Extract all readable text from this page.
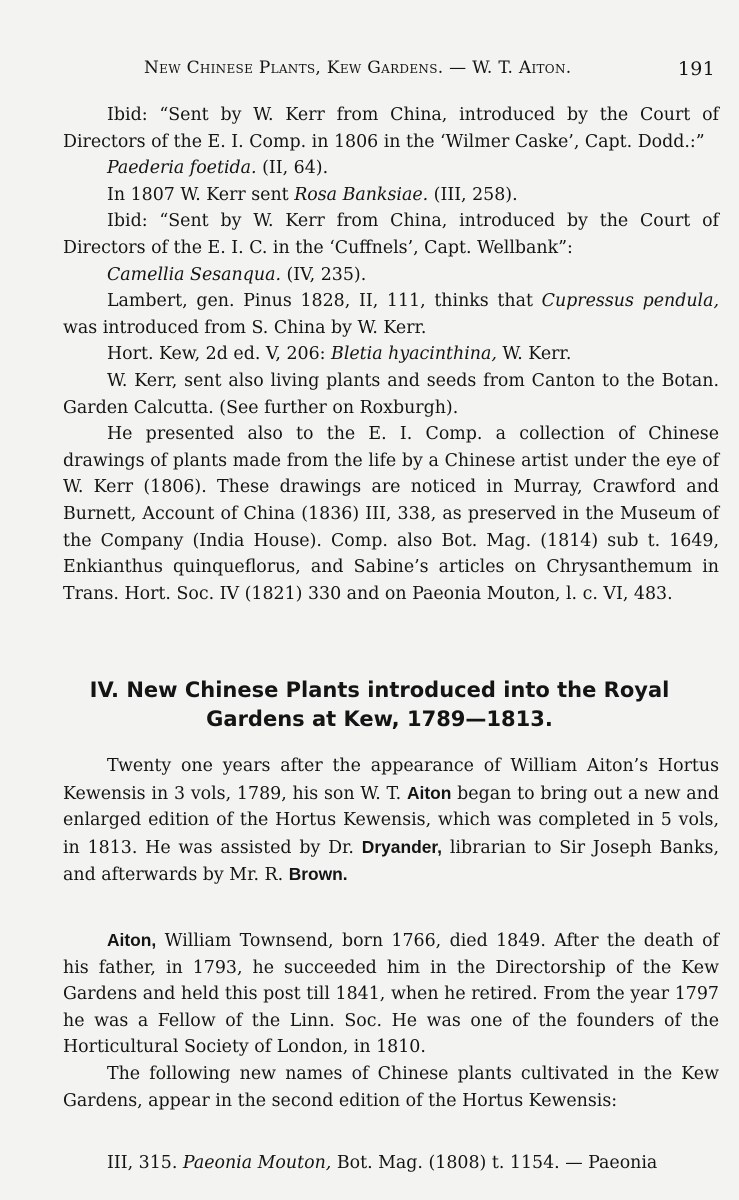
New Chinese Plants, Kew Gardens. — W. T. Aiton.	191

Ibid: “Sent by W. Kerr from China, introduced by the Court of Directors of the E. I. Comp. in 1806 in the ‘Wilmer Caske’, Capt. Dodd.:”

Paederia foetida. (II, 64).

In 1807 W. Kerr sent Rosa Banksiae. (III, 258).

Ibid: “Sent by W. Kerr from China, introduced by the Court of Directors of the E. I. C. in the ‘Cuffnels’, Capt. Wellbank”:

Camellia Sesanqua. (IV, 235).

Lambert, gen. Pinus 1828, II, 111, thinks that Cupressus pendula, was introduced from S. China by W. Kerr.

Hort. Kew, 2d ed. V, 206: Bletia hyacinthina, W. Kerr.

W. Kerr, sent also living plants and seeds from Canton to the Botan. Garden Calcutta. (See further on Roxburgh).

He presented also to the E. I. Comp. a collection of Chinese drawings of plants made from the life by a Chinese artist under the eye of W. Kerr (1806). These drawings are noticed in Murray, Crawford and Burnett, Account of China (1836) III, 338, as preserved in the Museum of the Company (India House). Comp. also Bot. Mag. (1814) sub t. 1649, Enkianthus quinqueflorus, and Sabine’s articles on Chrysanthemum in Trans. Hort. Soc. IV (1821) 330 and on Paeonia Mouton, l. c. VI, 483.

IV. New Chinese Plants introduced into the Royal
Gardens at Kew, 1789—1813.

Twenty one years after the appearance of William Aiton’s Hortus Kewensis in 3 vols, 1789, his son W. T. Aiton began to bring out a new and enlarged edition of the Hortus Kewensis, which was completed in 5 vols, in 1813. He was assisted by Dr. Dryander, librarian to Sir Joseph Banks, and afterwards by Mr. R. Brown.

Aiton, William Townsend, born 1766, died 1849. After the death of his father, in 1793, he succeeded him in the Directorship of the Kew Gardens and held this post till 1841, when he retired. From the year 1797 he was a Fellow of the Linn. Soc. He was one of the founders of the Horticultural Society of London, in 1810.

The following new names of Chinese plants cultivated in the Kew Gardens, appear in the second edition of the Hortus Kewensis:

III, 315. Paeonia Mouton, Bot. Mag. (1808) t. 1154. — Paeonia
